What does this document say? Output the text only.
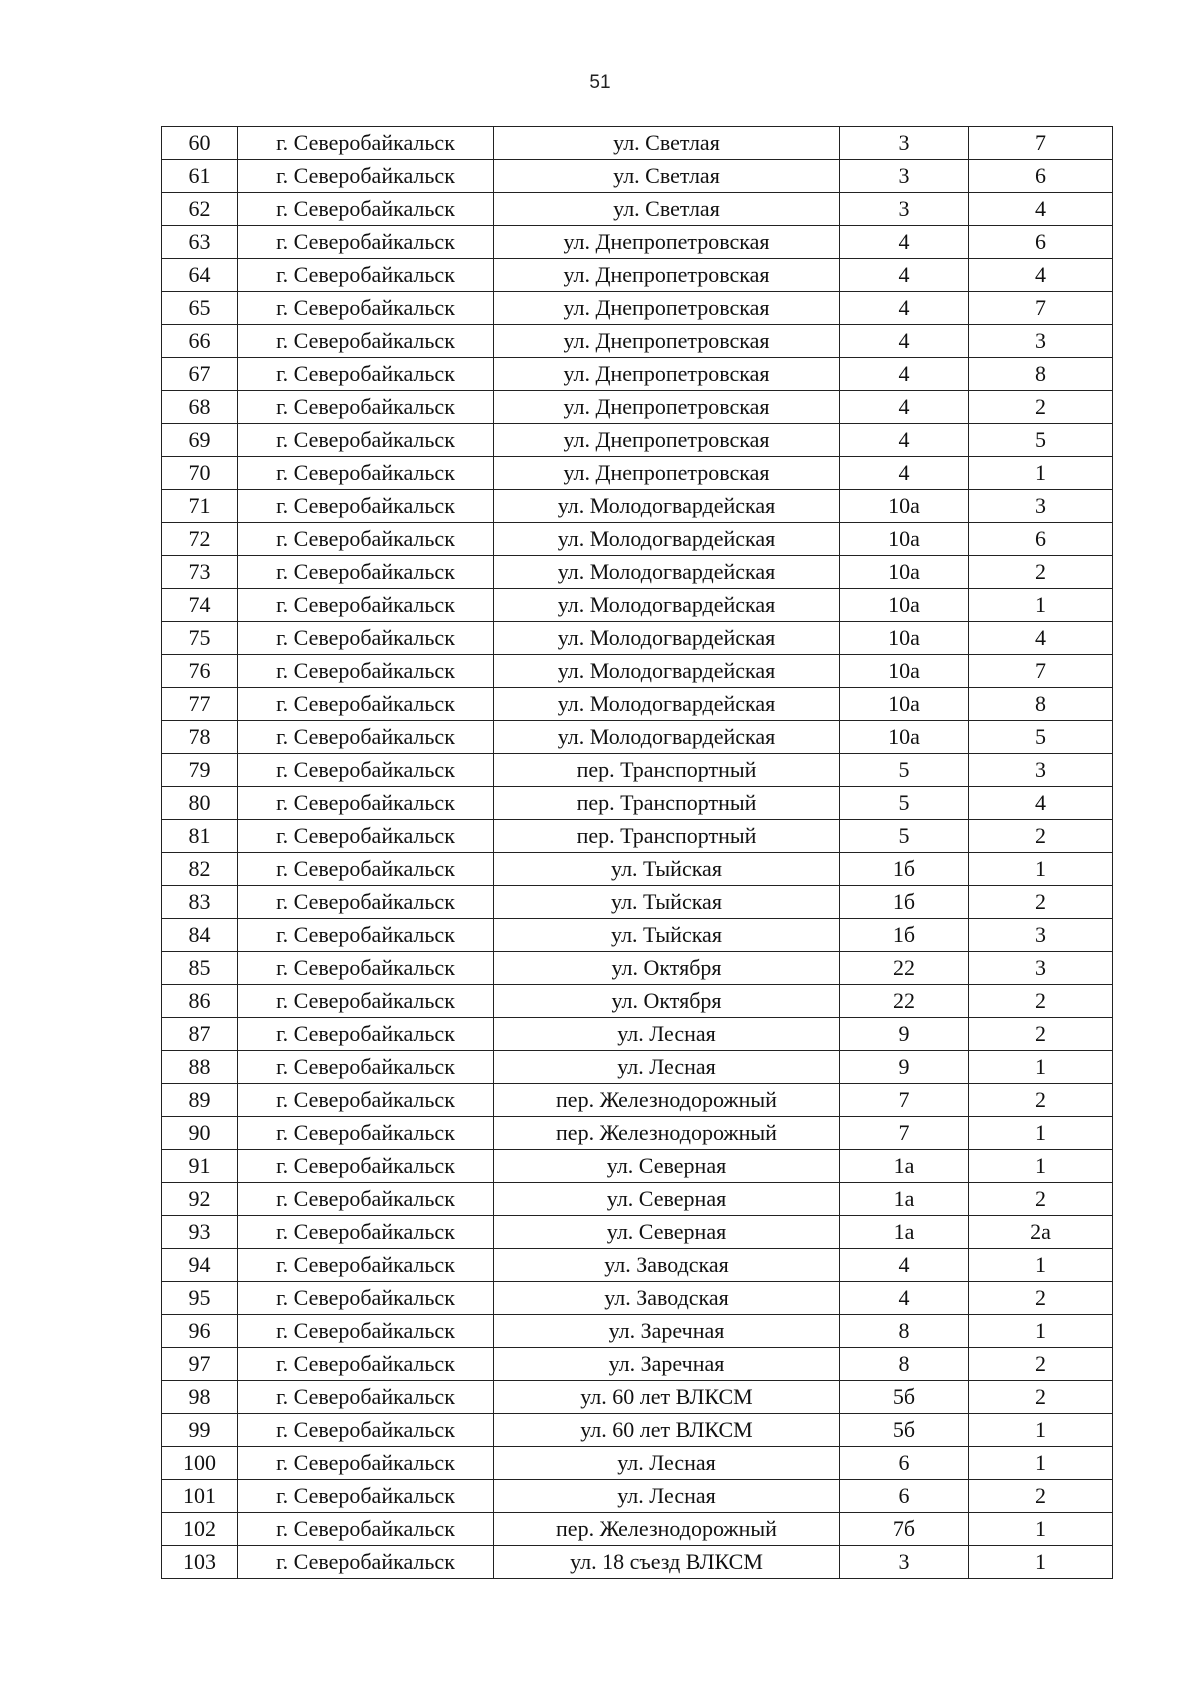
51
60	г. Северобайкальск	ул. Светлая	3	7
61	г. Северобайкальск	ул. Светлая	3	6
62	г. Северобайкальск	ул. Светлая	3	4
63	г. Северобайкальск	ул. Днепропетровская	4	6
64	г. Северобайкальск	ул. Днепропетровская	4	4
65	г. Северобайкальск	ул. Днепропетровская	4	7
66	г. Северобайкальск	ул. Днепропетровская	4	3
67	г. Северобайкальск	ул. Днепропетровская	4	8
68	г. Северобайкальск	ул. Днепропетровская	4	2
69	г. Северобайкальск	ул. Днепропетровская	4	5
70	г. Северобайкальск	ул. Днепропетровская	4	1
71	г. Северобайкальск	ул. Молодогвардейская	10а	3
72	г. Северобайкальск	ул. Молодогвардейская	10а	6
73	г. Северобайкальск	ул. Молодогвардейская	10а	2
74	г. Северобайкальск	ул. Молодогвардейская	10а	1
75	г. Северобайкальск	ул. Молодогвардейская	10а	4
76	г. Северобайкальск	ул. Молодогвардейская	10а	7
77	г. Северобайкальск	ул. Молодогвардейская	10а	8
78	г. Северобайкальск	ул. Молодогвардейская	10а	5
79	г. Северобайкальск	пер. Транспортный	5	3
80	г. Северобайкальск	пер. Транспортный	5	4
81	г. Северобайкальск	пер. Транспортный	5	2
82	г. Северобайкальск	ул. Тыйская	1б	1
83	г. Северобайкальск	ул. Тыйская	1б	2
84	г. Северобайкальск	ул. Тыйская	1б	3
85	г. Северобайкальск	ул. Октября	22	3
86	г. Северобайкальск	ул. Октября	22	2
87	г. Северобайкальск	ул. Лесная	9	2
88	г. Северобайкальск	ул. Лесная	9	1
89	г. Северобайкальск	пер. Железнодорожный	7	2
90	г. Северобайкальск	пер. Железнодорожный	7	1
91	г. Северобайкальск	ул. Северная	1а	1
92	г. Северобайкальск	ул. Северная	1а	2
93	г. Северобайкальск	ул. Северная	1а	2а
94	г. Северобайкальск	ул. Заводская	4	1
95	г. Северобайкальск	ул. Заводская	4	2
96	г. Северобайкальск	ул. Заречная	8	1
97	г. Северобайкальск	ул. Заречная	8	2
98	г. Северобайкальск	ул. 60 лет ВЛКСМ	5б	2
99	г. Северобайкальск	ул. 60 лет ВЛКСМ	5б	1
100	г. Северобайкальск	ул. Лесная	6	1
101	г. Северобайкальск	ул. Лесная	6	2
102	г. Северобайкальск	пер. Железнодорожный	7б	1
103	г. Северобайкальск	ул. 18 съезд ВЛКСМ	3	1
